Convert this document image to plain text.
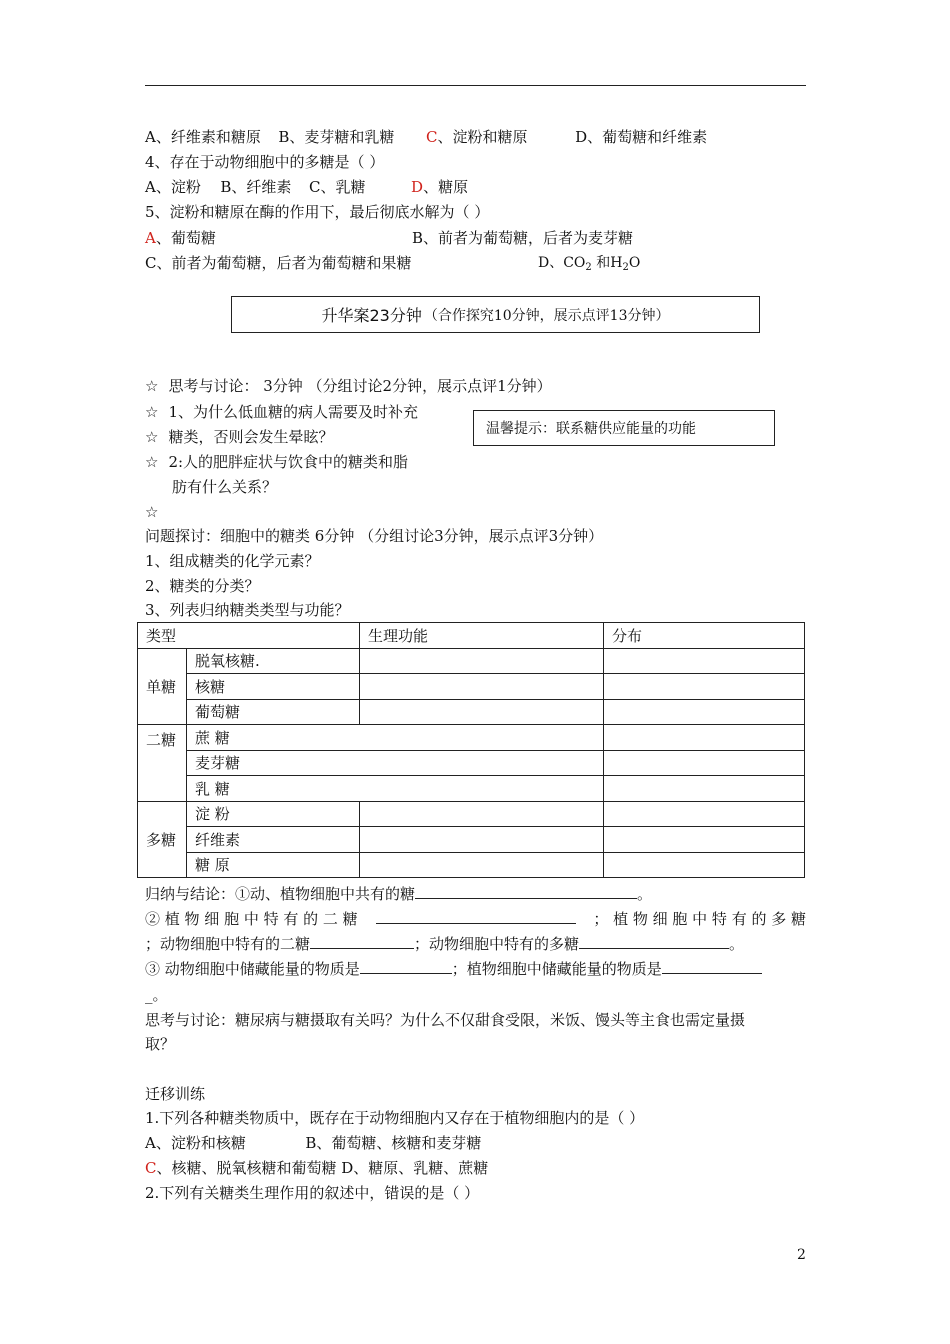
A、纤维素和糖原 B、麦芽糖和乳糖 C、淀粉和糖原	D、葡萄糖和纤维素
4、存在于动物细胞中的多糖是（ ）
A、淀粉 B、纤维素 C、乳糖	D、糖原
5、淀粉和糖原在酶的作用下，最后彻底水解为（ ）
A、葡萄糖	B、前者为葡萄糖，后者为麦芽糖
C、前者为葡萄糖，后者为葡萄糖和果糖	D、$CO_2$ 和$H_2O$
升华案23分钟 （合作探究10分钟，展示点评13分钟）
☆ 思考与讨论： 3分钟 （分组讨论2分钟，展示点评1分钟）
☆ 1、为什么低血糖的病人需要及时补充
☆ 糖类，否则会发生晕眩？
☆ 2:人的肥胖症状与饮食中的糖类和脂
肪有什么关系？
☆
温馨提示：联系糖供应能量的功能
问题探讨：细胞中的糖类 6分钟 （分组讨论3分钟，展示点评3分钟）
1、组成糖类的化学元素？
2、糖类的分类？
3、列表归纳糖类类型与功能？
类型		生理功能	分布
单糖	脱氧核糖.		
	核糖		
	葡萄糖		
二糖	蔗 糖		
	麦芽糖		
	乳 糖		
多糖	淀 粉		
	纤维素		
	糖 原		
归纳与结论：①动、植物细胞中共有的糖	。
② 植 物 细 胞 中 特 有 的 二 糖	； 植 物 细 胞 中 特 有 的 多 糖
；动物细胞中特有的二糖	；动物细胞中特有的多糖	。
③ 动物细胞中储藏能量的物质是	；植物细胞中储藏能量的物质是
_。
思考与讨论：糖尿病与糖摄取有关吗？为什么不仅甜食受限，米饭、馒头等主食也需定量摄
取？
迁移训练
1.下列各种糖类物质中，既存在于动物细胞内又存在于植物细胞内的是（ ）
A、淀粉和核糖	B、葡萄糖、核糖和麦芽糖
C、核糖、脱氧核糖和葡萄糖 D、糖原、乳糖、蔗糖
2.下列有关糖类生理作用的叙述中，错误的是（ ）
2
